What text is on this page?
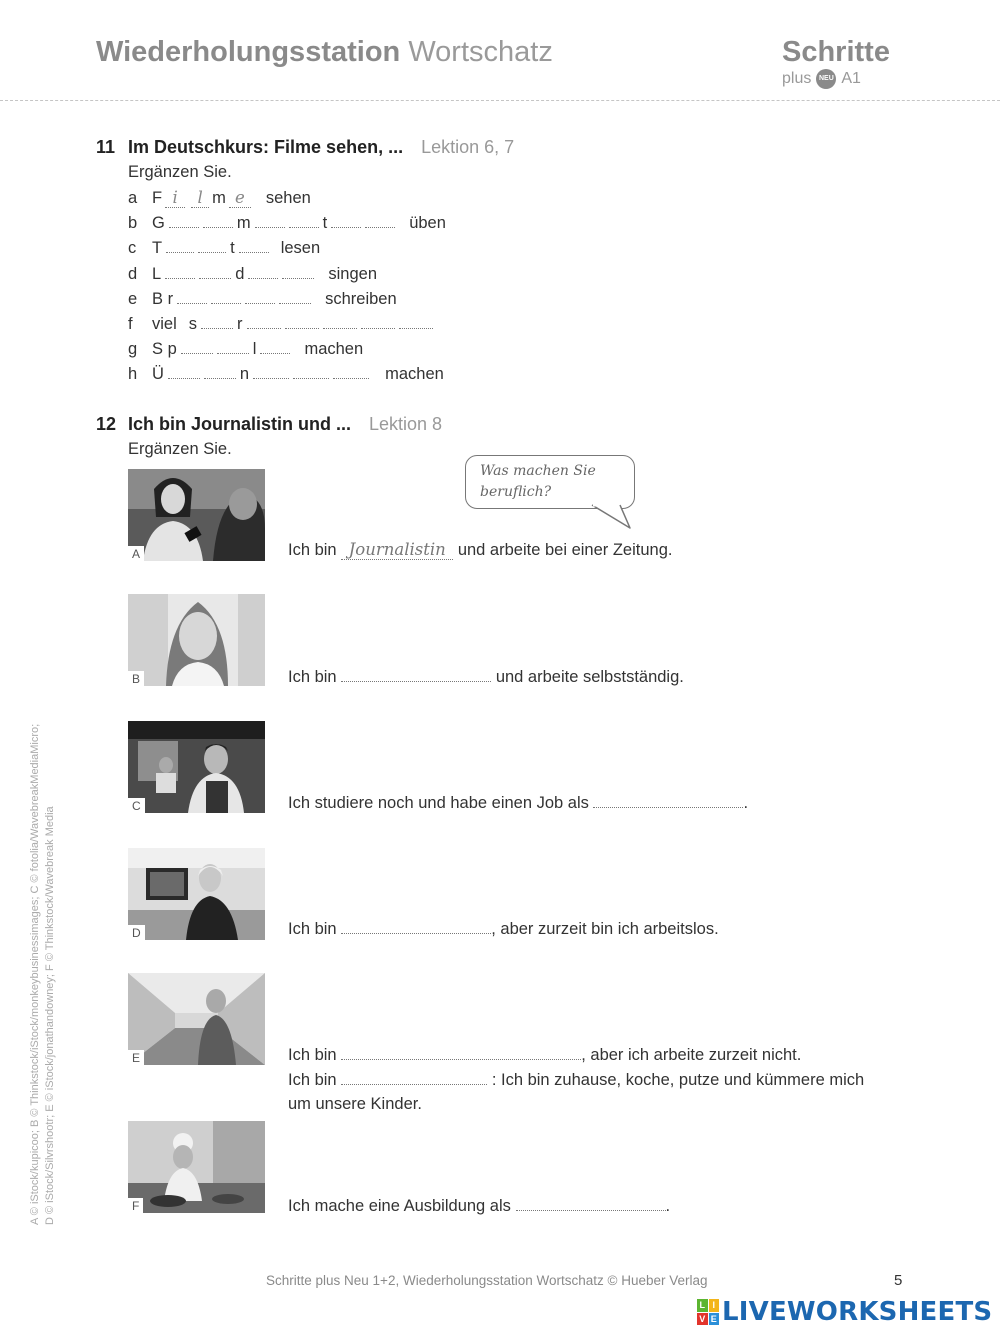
Wiederholungsstation Wortschatz	Schritte
plus	NEU A1
11 Im Deutschkurs: Filme sehen, ... Lektion 6, 7
Ergänzen Sie.
a F i	l m e	sehen
b G	m	t	üben
c T	t	lesen
d L	d	singen
e B r	schreiben
f	viel s r
g S p	l	machen
h Ü	n	machen
12 Ich bin Journalistin und ... Lektion 8
Ergänzen Sie.
Was machen Sie
beruflich?
A	Ich bin Journalistin und arbeite bei einer Zeitung.
B	Ich bin	und arbeite selbstständig.
C	Ich studiere noch und habe einen Job als	.
D	Ich bin	, aber zurzeit bin ich arbeitslos.
E	Ich bin	, aber ich arbeite zurzeit nicht.
Ich bin	: Ich bin zuhause, koche, putze und kümmere mich
um unsere Kinder.
F	Ich mache eine Ausbildung als	.
A © iStock/kupicoo; B © Thinkstock/iStock/monkeybusinessimages; C © fotolia/WavebreakMediaMicro; D © iStock/Silvrshootr; E © iStock/jonathandowney; F © Thinkstock/Wavebreak Media
Schritte plus Neu 1+2, Wiederholungsstation Wortschatz © Hueber Verlag	5
L I
V E LIVEWORKSHEETS
